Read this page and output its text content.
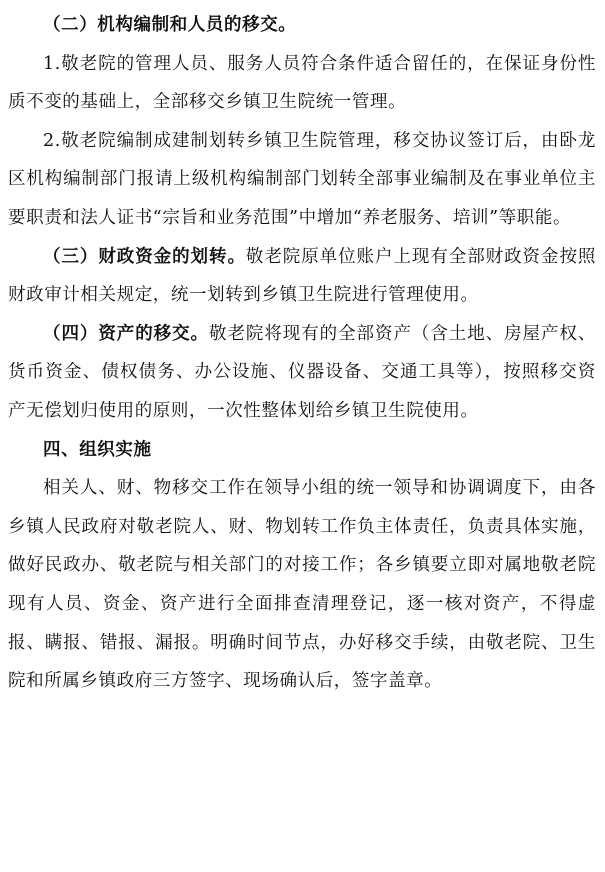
（二）机构编制和人员的移交。

1.敬老院的管理人员、服务人员符合条件适合留任的，在保证身份性质不变的基础上，全部移交乡镇卫生院统一管理。

2.敬老院编制成建制划转乡镇卫生院管理，移交协议签订后，由卧龙区机构编制部门报请上级机构编制部门划转全部事业编制及在事业单位主要职责和法人证书“宗旨和业务范围”中增加“养老服务、培训”等职能。

（三）财政资金的划转。敬老院原单位账户上现有全部财政资金按照财政审计相关规定，统一划转到乡镇卫生院进行管理使用。

（四）资产的移交。敬老院将现有的全部资产（含土地、房屋产权、货币资金、债权债务、办公设施、仪器设备、交通工具等），按照移交资产无偿划归使用的原则，一次性整体划给乡镇卫生院使用。

四、组织实施

相关人、财、物移交工作在领导小组的统一领导和协调调度下，由各乡镇人民政府对敬老院人、财、物划转工作负主体责任，负责具体实施，做好民政办、敬老院与相关部门的对接工作；各乡镇要立即对属地敬老院现有人员、资金、资产进行全面排查清理登记，逐一核对资产，不得虚报、瞒报、错报、漏报。明确时间节点，办好移交手续，由敬老院、卫生院和所属乡镇政府三方签字、现场确认后，签字盖章。
